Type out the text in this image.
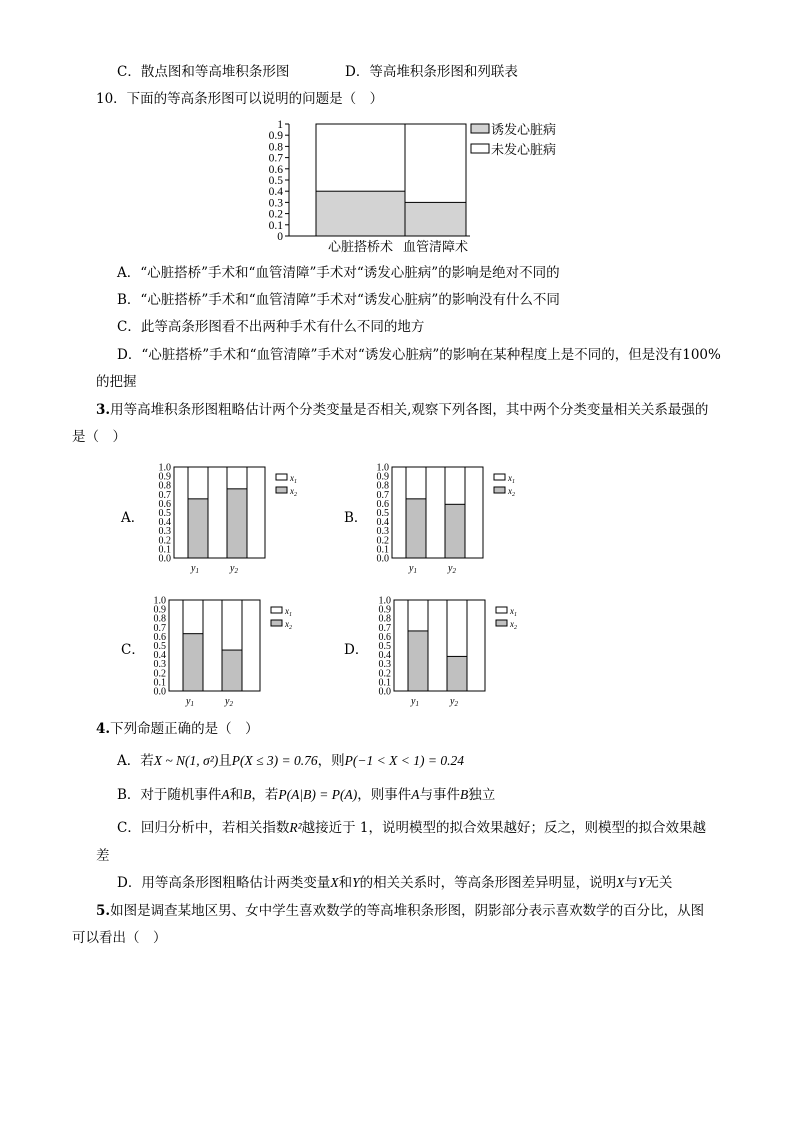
C．散点图和等高堆积条形图	D．等高堆积条形图和列联表
10．下面的等高条形图可以说明的问题是（　）
0
0.1
0.2
0.3
0.4
0.5
0.6
0.7
0.8
0.9
1
心脏搭桥术 血管清障术
诱发心脏病
未发心脏病
A．“心脏搭桥”手术和“血管清障”手术对“诱发心脏病”的影响是绝对不同的
B．“心脏搭桥”手术和“血管清障”手术对“诱发心脏病”的影响没有什么不同
C．此等高条形图看不出两种手术有什么不同的地方
D．“心脏搭桥”手术和“血管清障”手术对“诱发心脏病”的影响在某种程度上是不同的，但是没有100%
的把握
3.用等高堆积条形图粗略估计两个分类变量是否相关,观察下列各图，其中两个分类变量相关关系最强的
是（　）
A．
0.0
0.1
0.2
0.3
0.4
0.5
0.6
0.7
0.8
0.9
1.0
$y_1$	$y_2$
$x_1$
$x_2$
B．
0.0
0.1
0.2
0.3
0.4
0.5
0.6
0.7
0.8
0.9
1.0
$y_1$	$y_2$
$x_1$
$x_2$
C．
0.0
0.1
0.2
0.3
0.4
0.5
0.6
0.7
0.8
0.9
1.0
$y_1$	$y_2$
$x_1$
$x_2$
D．
0.0
0.1
0.2
0.3
0.4
0.5
0.6
0.7
0.8
0.9
1.0
$y_1$	$y_2$
$x_1$
$x_2$
4.下列命题正确的是（　）
A．若X ~ N(1, σ²)且P(X ≤ 3) = 0.76，则P(−1 < X < 1) = 0.24
B．对于随机事件A和B，若P(A|B) = P(A)，则事件A与事件B独立
C．回归分析中，若相关指数R²越接近于 1，说明模型的拟合效果越好；反之，则模型的拟合效果越
差
D．用等高条形图粗略估计两类变量X和Y的相关关系时，等高条形图差异明显，说明X与Y无关
5.如图是调查某地区男、女中学生喜欢数学的等高堆积条形图，阴影部分表示喜欢数学的百分比，从图
可以看出（　）
